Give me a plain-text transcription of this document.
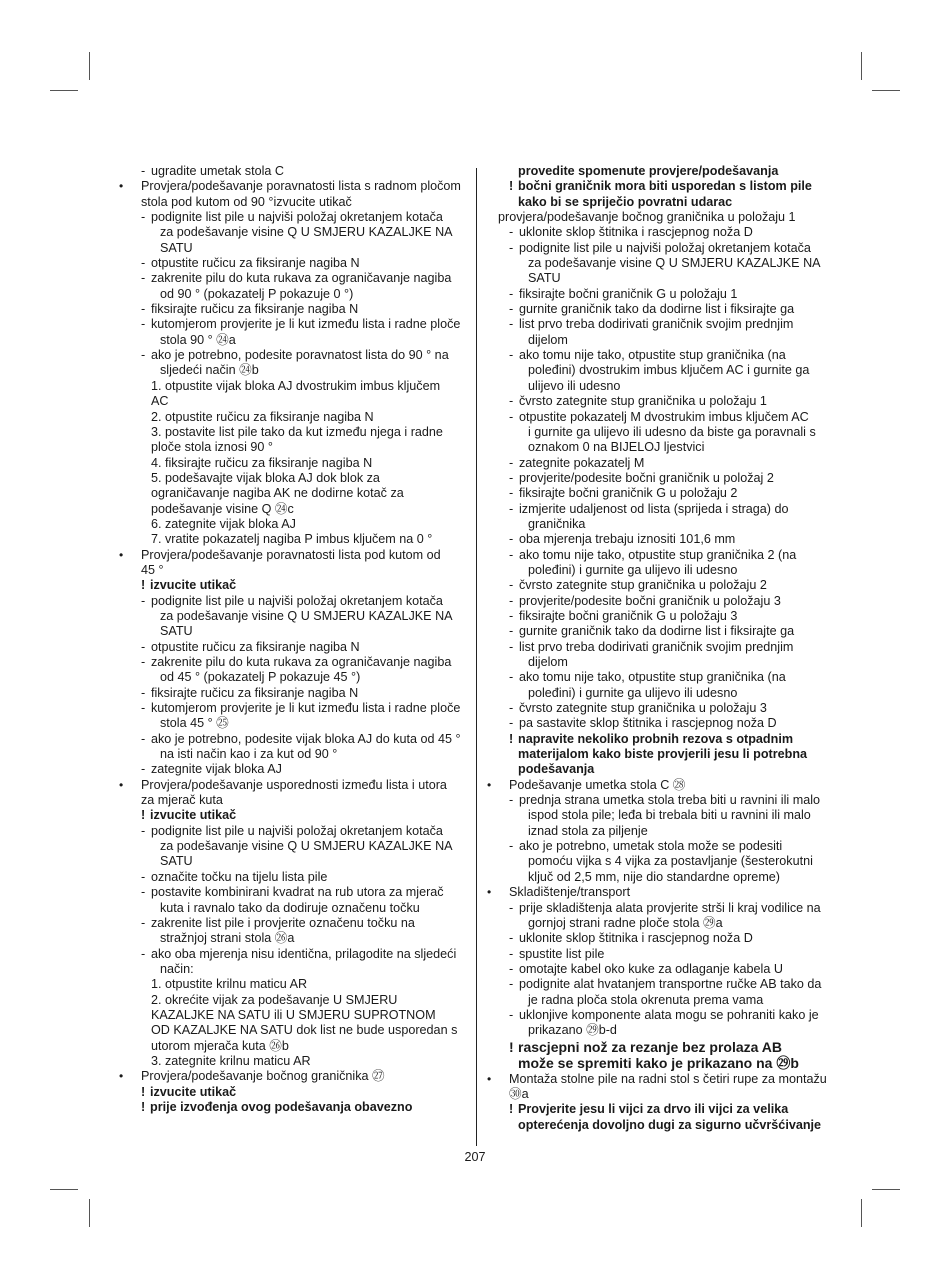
- ugradite umetak stola C
• Provjera/podešavanje poravnatosti lista s radnom pločom
stola pod kutom od 90 °izvucite utikač
- podignite list pile u najviši položaj okretanjem kotača
za podešavanje visine Q U SMJERU KAZALJKE NA
SATU
- otpustite ručicu za fiksiranje nagiba N
- zakrenite pilu do kuta rukava za ograničavanje nagiba
od 90 ° (pokazatelj P pokazuje 0 °)
- fiksirajte ručicu za fiksiranje nagiba N
- kutomjerom provjerite je li kut između lista i radne ploče
stola 90 ° ㉔a
- ako je potrebno, podesite poravnatost lista do 90 ° na
sljedeći način ㉔b
1. otpustite vijak bloka AJ dvostrukim imbus ključem
AC
2. otpustite ručicu za fiksiranje nagiba N
3. postavite list pile tako da kut između njega i radne
ploče stola iznosi 90 °
4. fiksirajte ručicu za fiksiranje nagiba N
5. podešavajte vijak bloka AJ dok blok za
ograničavanje nagiba AK ne dodirne kotač za
podešavanje visine Q ㉔c
6. zategnite vijak bloka AJ
7. vratite pokazatelj nagiba P imbus ključem na 0 °
• Provjera/podešavanje poravnatosti lista pod kutom od
45 °
! izvucite utikač
- podignite list pile u najviši položaj okretanjem kotača
za podešavanje visine Q U SMJERU KAZALJKE NA
SATU
- otpustite ručicu za fiksiranje nagiba N
- zakrenite pilu do kuta rukava za ograničavanje nagiba
od 45 ° (pokazatelj P pokazuje 45 °)
- fiksirajte ručicu za fiksiranje nagiba N
- kutomjerom provjerite je li kut između lista i radne ploče
stola 45 ° ㉕
- ako je potrebno, podesite vijak bloka AJ do kuta od 45 °
na isti način kao i za kut od 90 °
- zategnite vijak bloka AJ
• Provjera/podešavanje usporednosti između lista i utora
za mjerač kuta
! izvucite utikač
- podignite list pile u najviši položaj okretanjem kotača
za podešavanje visine Q U SMJERU KAZALJKE NA
SATU
- označite točku na tijelu lista pile
- postavite kombinirani kvadrat na rub utora za mjerač
kuta i ravnalo tako da dodiruje označenu točku
- zakrenite list pile i provjerite označenu točku na
stražnjoj strani stola ㉖a
- ako oba mjerenja nisu identična, prilagodite na sljedeći
način:
1. otpustite krilnu maticu AR
2. okrećite vijak za podešavanje U SMJERU
KAZALJKE NA SATU ili U SMJERU SUPROTNOM
OD KAZALJKE NA SATU dok list ne bude usporedan s
utorom mjerača kuta ㉖b
3. zategnite krilnu maticu AR
• Provjera/podešavanje bočnog graničnika ㉗
! izvucite utikač
! prije izvođenja ovog podešavanja obavezno
provedite spomenute provjere/podešavanja
! bočni graničnik mora biti usporedan s listom pile
kako bi se spriječio povratni udarac
provjera/podešavanje bočnog graničnika u položaju 1
- uklonite sklop štitnika i rascjepnog noža D
- podignite list pile u najviši položaj okretanjem kotača
za podešavanje visine Q U SMJERU KAZALJKE NA
SATU
- fiksirajte bočni graničnik G u položaju 1
- gurnite graničnik tako da dodirne list i fiksirajte ga
- list prvo treba dodirivati graničnik svojim prednjim
dijelom
- ako tomu nije tako, otpustite stup graničnika (na
poleđini) dvostrukim imbus ključem AC i gurnite ga
ulijevo ili udesno
- čvrsto zategnite stup graničnika u položaju 1
- otpustite pokazatelj M dvostrukim imbus ključem AC
i gurnite ga ulijevo ili udesno da biste ga poravnali s
oznakom 0 na BIJELOJ ljestvici
- zategnite pokazatelj M
- provjerite/podesite bočni graničnik u položaj 2
- fiksirajte bočni graničnik G u položaju 2
- izmjerite udaljenost od lista (sprijeda i straga) do
graničnika
- oba mjerenja trebaju iznositi 101,6 mm
- ako tomu nije tako, otpustite stup graničnika 2 (na
poleđini) i gurnite ga ulijevo ili udesno
- čvrsto zategnite stup graničnika u položaju 2
- provjerite/podesite bočni graničnik u položaju 3
- fiksirajte bočni graničnik G u položaju 3
- gurnite graničnik tako da dodirne list i fiksirajte ga
- list prvo treba dodirivati graničnik svojim prednjim
dijelom
- ako tomu nije tako, otpustite stup graničnika (na
poleđini) i gurnite ga ulijevo ili udesno
- čvrsto zategnite stup graničnika u položaju 3
- pa sastavite sklop štitnika i rascjepnog noža D
! napravite nekoliko probnih rezova s otpadnim
materijalom kako biste provjerili jesu li potrebna
podešavanja
• Podešavanje umetka stola C ㉘
- prednja strana umetka stola treba biti u ravnini ili malo
ispod stola pile; leđa bi trebala biti u ravnini ili malo
iznad stola za piljenje
- ako je potrebno, umetak stola može se podesiti
pomoću vijka s 4 vijka za postavljanje (šesterokutni
ključ od 2,5 mm, nije dio standardne opreme)
• Skladištenje/transport
- prije skladištenja alata provjerite strši li kraj vodilice na
gornjoj strani radne ploče stola ㉙a
- uklonite sklop štitnika i rascjepnog noža D
- spustite list pile
- omotajte kabel oko kuke za odlaganje kabela U
- podignite alat hvatanjem transportne ručke AB tako da
je radna ploča stola okrenuta prema vama
- uklonjive komponente alata mogu se pohraniti kako je
prikazano ㉙b-d
! rascjepni nož za rezanje bez prolaza AB
može se spremiti kako je prikazano na ㉙b
• Montaža stolne pile na radni stol s četiri rupe za montažu
㉚a
! Provjerite jesu li vijci za drvo ili vijci za velika
opterećenja dovoljno dugi za sigurno učvršćivanje
207
